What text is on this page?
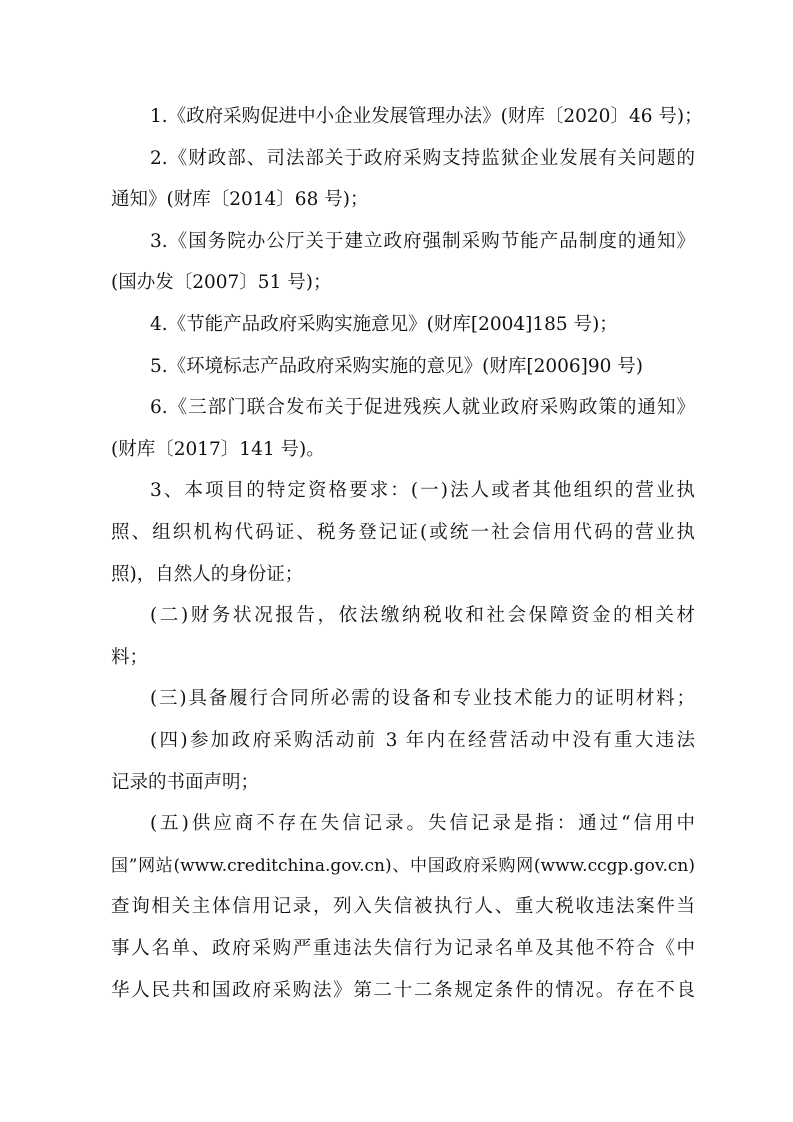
1.《政府采购促进中小企业发展管理办法》(财库〔2020〕46 号)；
2.《财政部、司法部关于政府采购支持监狱企业发展有关问题的
通知》(财库〔2014〕68 号)；
3.《国务院办公厅关于建立政府强制采购节能产品制度的通知》
(国办发〔2007〕51 号)；
4.《节能产品政府采购实施意见》(财库[2004]185 号)；
5.《环境标志产品政府采购实施的意见》(财库[2006]90 号)
6.《三部门联合发布关于促进残疾人就业政府采购政策的通知》
(财库〔2017〕141 号)。
3、本项目的特定资格要求：(一)法人或者其他组织的营业执
照、组织机构代码证、税务登记证(或统一社会信用代码的营业执
照)，自然人的身份证；
(二)财务状况报告，依法缴纳税收和社会保障资金的相关材
料；
(三)具备履行合同所必需的设备和专业技术能力的证明材料；
(四)参加政府采购活动前 3 年内在经营活动中没有重大违法
记录的书面声明；
(五)供应商不存在失信记录。失信记录是指：通过“信用中
国”网站(www.creditchina.gov.cn)、中国政府采购网(www.ccgp.gov.cn)
查询相关主体信用记录，列入失信被执行人、重大税收违法案件当
事人名单、政府采购严重违法失信行为记录名单及其他不符合《中
华人民共和国政府采购法》第二十二条规定条件的情况。存在不良
